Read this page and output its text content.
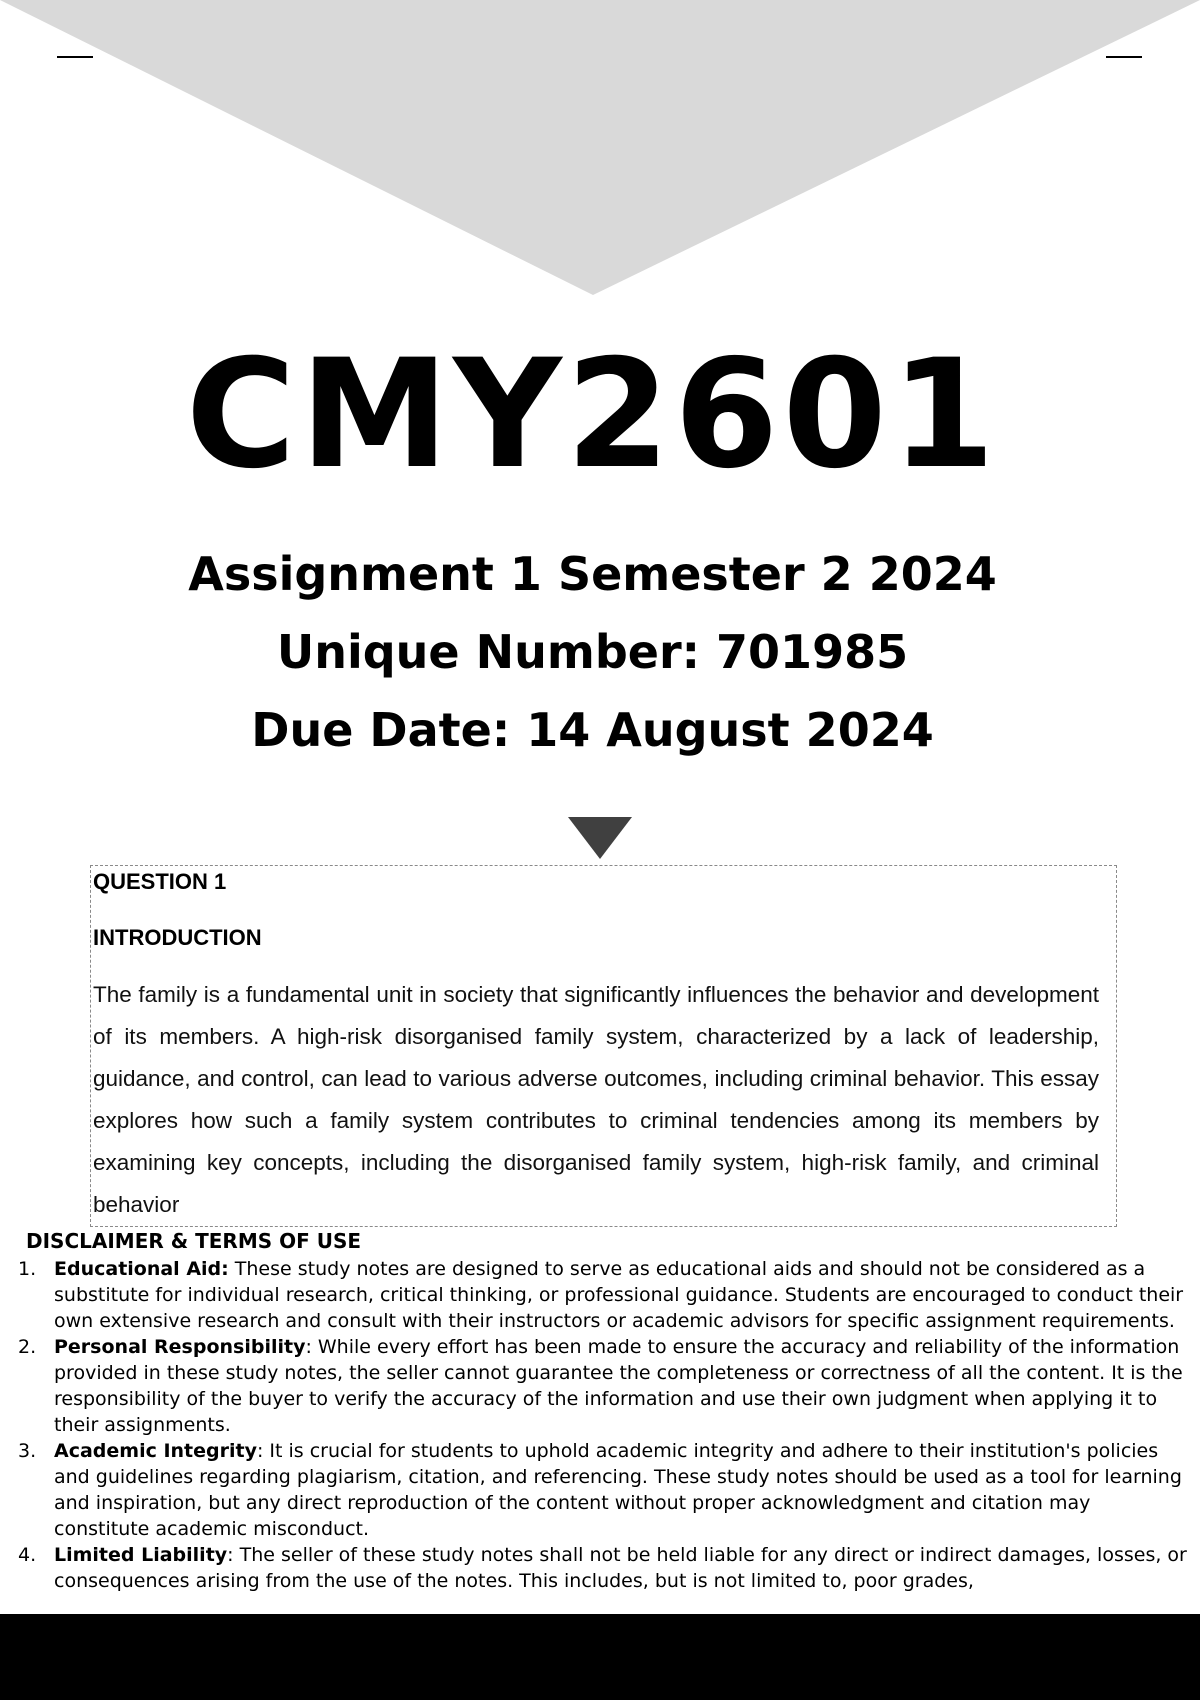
CMY2601
Assignment 1 Semester 2 2024
Unique Number: 701985
Due Date: 14 August 2024
QUESTION 1
INTRODUCTION
The family is a fundamental unit in society that significantly influences the behavior and development of its members. A high-risk disorganised family system, characterized by a lack of leadership, guidance, and control, can lead to various adverse outcomes, including criminal behavior. This essay explores how such a family system contributes to criminal tendencies among its members by examining key concepts, including the disorganised family system, high-risk family, and criminal behavior
DISCLAIMER & TERMS OF USE
1. Educational Aid: These study notes are designed to serve as educational aids and should not be considered as a substitute for individual research, critical thinking, or professional guidance. Students are encouraged to conduct their own extensive research and consult with their instructors or academic advisors for specific assignment requirements.
2. Personal Responsibility: While every effort has been made to ensure the accuracy and reliability of the information provided in these study notes, the seller cannot guarantee the completeness or correctness of all the content. It is the responsibility of the buyer to verify the accuracy of the information and use their own judgment when applying it to their assignments.
3. Academic Integrity: It is crucial for students to uphold academic integrity and adhere to their institution's policies and guidelines regarding plagiarism, citation, and referencing. These study notes should be used as a tool for learning and inspiration, but any direct reproduction of the content without proper acknowledgment and citation may constitute academic misconduct.
4. Limited Liability: The seller of these study notes shall not be held liable for any direct or indirect damages, losses, or consequences arising from the use of the notes. This includes, but is not limited to, poor grades,
